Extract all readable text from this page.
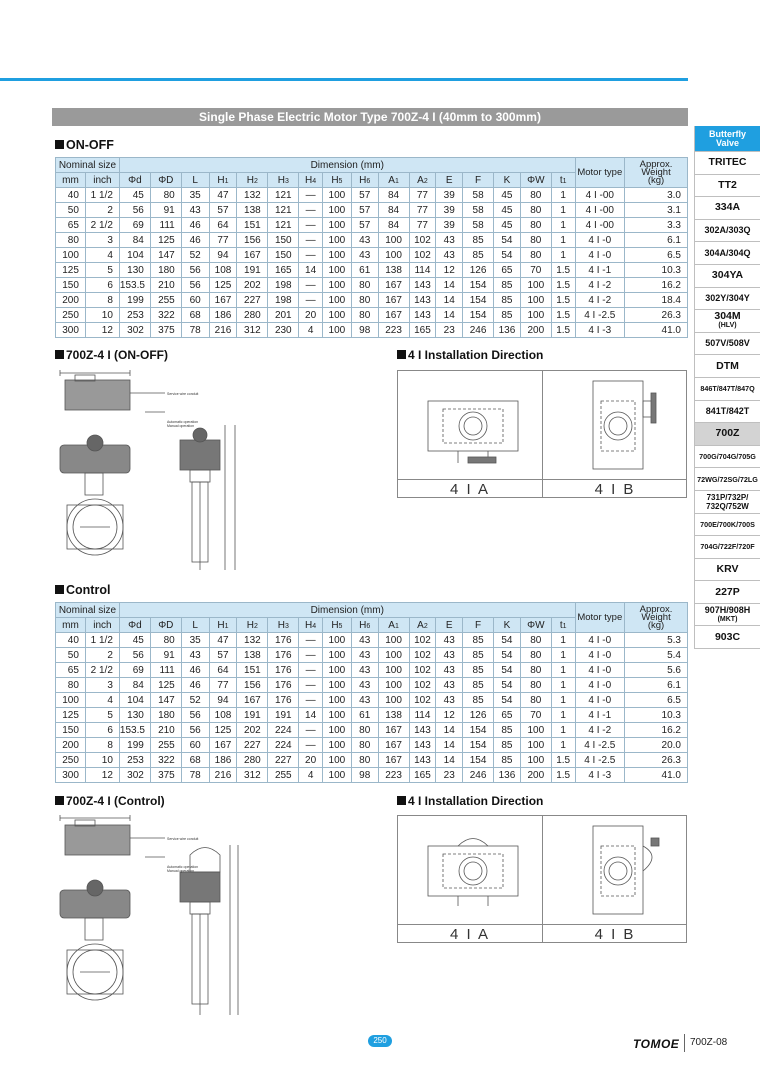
Single Phase Electric Motor Type 700Z-4 I (40mm to 300mm)
ON-OFF
Nominal size		Dimension (mm)																Motor type	Approx.
Weight
(kg)
mm	inch	Φd	ΦD	L	H1	H2	H3	H4	H5	H6	A1	A2	E	F	K	ΦW	t1		
40	1 1/2	45	80	35	47	132	121	—	100	57	84	77	39	58	45	80	1	4 I -00	3.0
50	2	56	91	43	57	138	121	—	100	57	84	77	39	58	45	80	1	4 I -00	3.1
65	2 1/2	69	111	46	64	151	121	—	100	57	84	77	39	58	45	80	1	4 I -00	3.3
80	3	84	125	46	77	156	150	—	100	43	100	102	43	85	54	80	1	4 I -0	6.1
100	4	104	147	52	94	167	150	—	100	43	100	102	43	85	54	80	1	4 I -0	6.5
125	5	130	180	56	108	191	165	14	100	61	138	114	12	126	65	70	1.5	4 I -1	10.3
150	6	153.5	210	56	125	202	198	—	100	80	167	143	14	154	85	100	1.5	4 I -2	16.2
200	8	199	255	60	167	227	198	—	100	80	167	143	14	154	85	100	1.5	4 I -2	18.4
250	10	253	322	68	186	280	201	20	100	80	167	143	14	154	85	100	1.5	4 I -2.5	26.3
300	12	302	375	78	216	312	230	4	100	98	223	165	23	246	136	200	1.5	4 I -3	41.0
700Z-4 I (ON-OFF)	4 I Installation Direction
Service wire conduit
Automatic operation
Manual operation
4 I A	4 I B
Control
Nominal size		Dimension (mm)																Motor type	Approx.
Weight
(kg)
mm	inch	Φd	ΦD	L	H1	H2	H3	H4	H5	H6	A1	A2	E	F	K	ΦW	t1		
40	1 1/2	45	80	35	47	132	176	—	100	43	100	102	43	85	54	80	1	4 I -0	5.3
50	2	56	91	43	57	138	176	—	100	43	100	102	43	85	54	80	1	4 I -0	5.4
65	2 1/2	69	111	46	64	151	176	—	100	43	100	102	43	85	54	80	1	4 I -0	5.6
80	3	84	125	46	77	156	176	—	100	43	100	102	43	85	54	80	1	4 I -0	6.1
100	4	104	147	52	94	167	176	—	100	43	100	102	43	85	54	80	1	4 I -0	6.5
125	5	130	180	56	108	191	191	14	100	61	138	114	12	126	65	70	1	4 I -1	10.3
150	6	153.5	210	56	125	202	224	—	100	80	167	143	14	154	85	100	1	4 I -2	16.2
200	8	199	255	60	167	227	224	—	100	80	167	143	14	154	85	100	1	4 I -2.5	20.0
250	10	253	322	68	186	280	227	20	100	80	167	143	14	154	85	100	1.5	4 I -2.5	26.3
300	12	302	375	78	216	312	255	4	100	98	223	165	23	246	136	200	1.5	4 I -3	41.0
700Z-4 I (Control)	4 I Installation Direction
Service wire conduit
Automatic operation
Manual operation
4 I A	4 I B
Butterfly
Valve
TRITEC
TT2
334A
302A/303Q
304A/304Q
304YA
302Y/304Y
304M
(HLV)
507V/508V
DTM
846T/847T/847Q
841T/842T
700Z
700G/704G/705G
72WG/72SG/72LG
731P/732P/
732Q/752W
700E/700K/700S
704G/722F/720F
KRV
227P
907H/908H
(MKT)
903C
250	TOMOE 700Z-08
